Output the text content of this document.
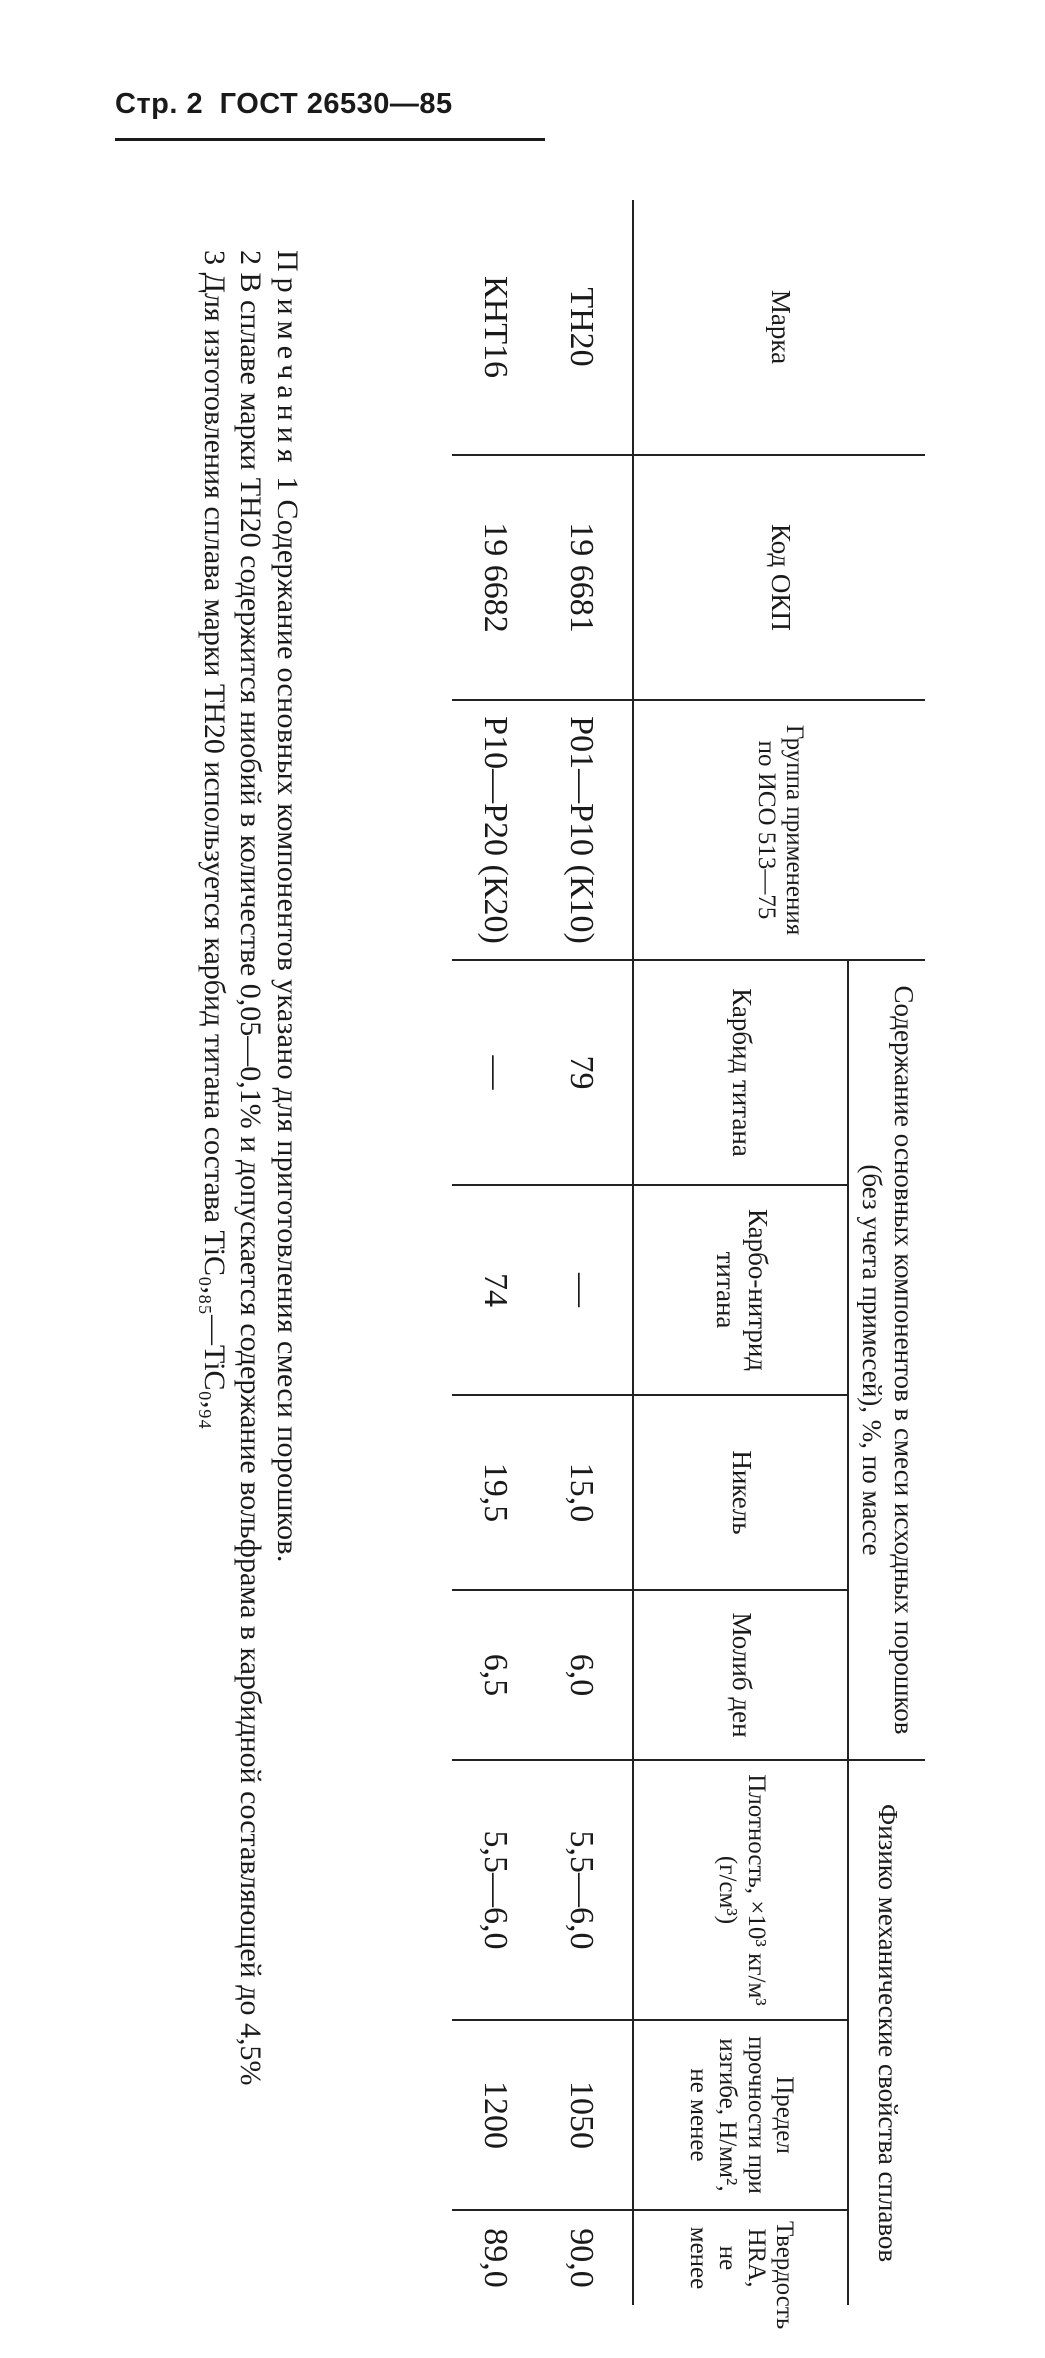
Стр. 2 ГОСТ 26530—85
Марка	Код ОКП	Группа применения по ИСО 513—75	Содержание основных компонентов в смеси исходных порошков (без учета примесей), %, по массе				Физико механические свойства сплавов		
			Карбид титана	Карбо-нитрид титана	Никель	Молиб ден	Плотность, ×10³ кг/м³ (г/см³)	Предел прочности при изгибе, Н/мм², не менее	Твердость HRA, не менее
ТН20	19 6681	Р01—Р10 (К10)	79	—	15,0	6,0	5,5—6,0	1050	90,0
КНТ16	19 6682	Р10—Р20 (К20)	—	74	19,5	6,5	5,5—6,0	1200	89,0

Примечания 1 Содержание основных компонентов указано для приготовления смеси порошков.

2 В сплаве марки ТН20 содержится ниобий в количестве 0,05—0,1% и допускается содержание вольфрама в карбидной составляющей до 4,5%

3 Для изготовления сплава марки ТН20 используется карбид титана состава TiC₀,₈₅—TiC₀,₉₄
